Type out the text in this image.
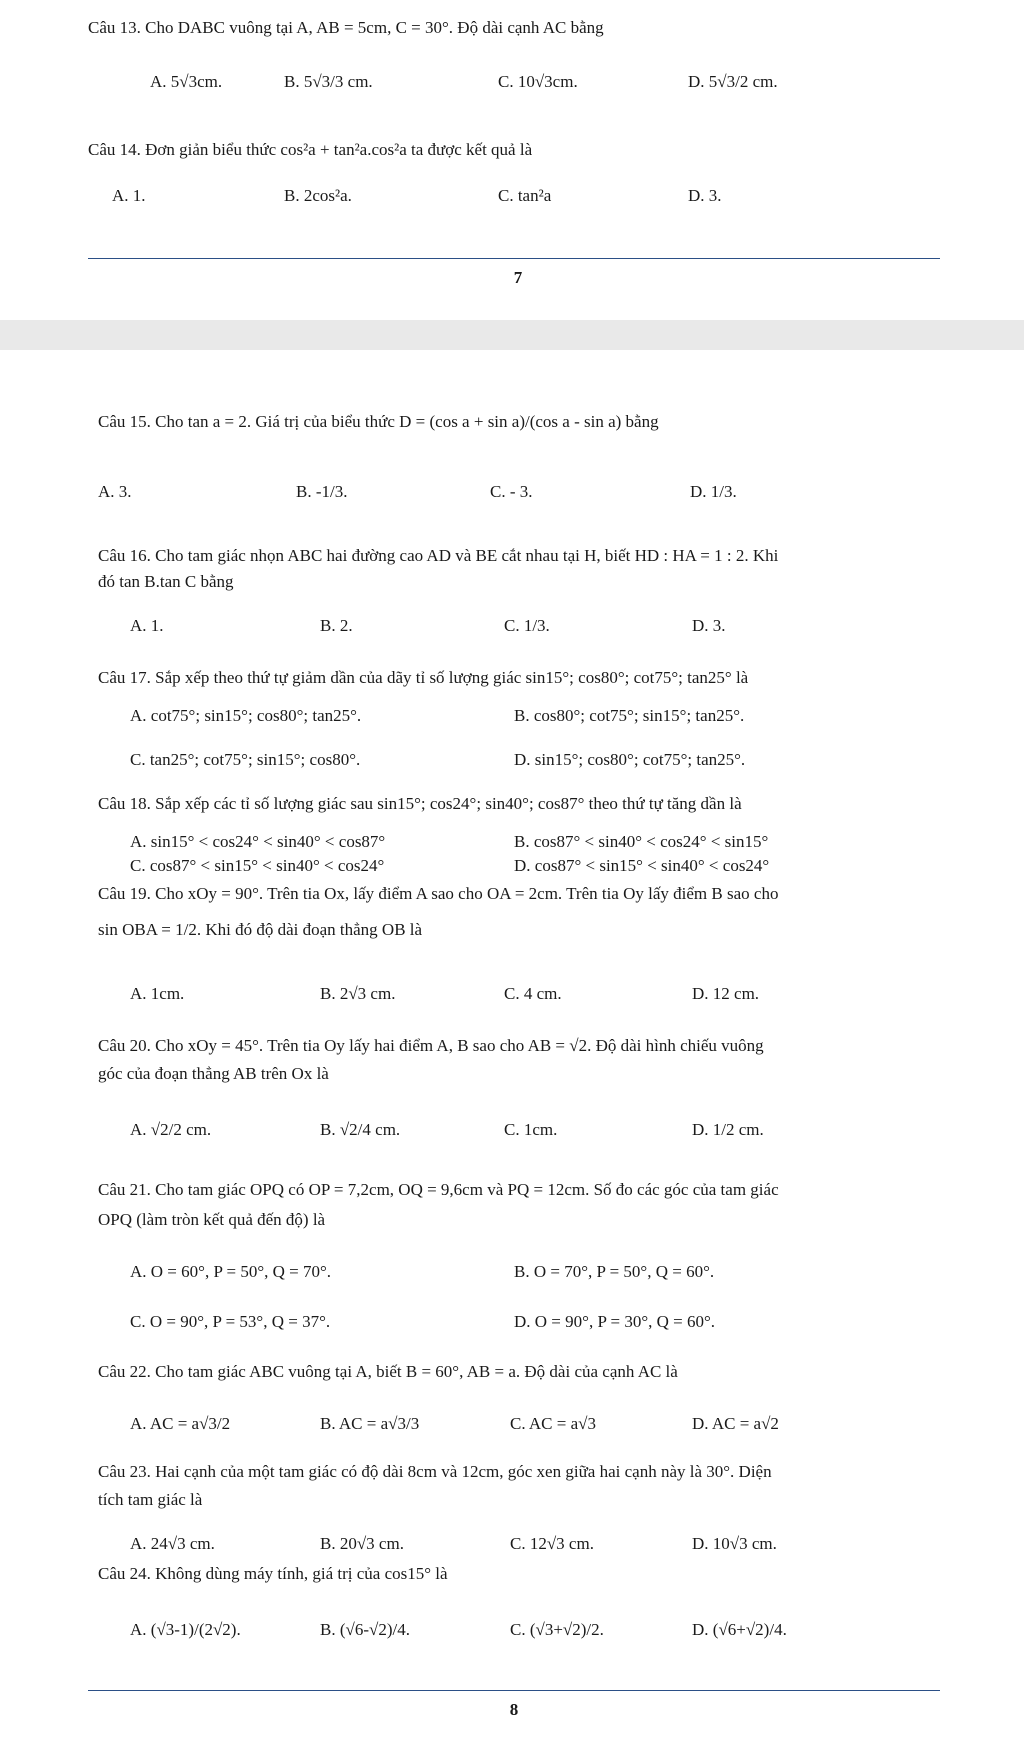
Câu 13. Cho DABC vuông tại A, AB = 5cm, C = 30°. Độ dài cạnh AC bằng
A. 5√3cm.	B. 5√3/3 cm.	C. 10√3cm.	D. 5√3/2 cm.
Câu 14. Đơn giản biểu thức cos²a + tan²a.cos²a ta được kết quả là
A. 1.	B. 2cos²a.	C. tan²a	D. 3.
7
Câu 15. Cho tan a = 2. Giá trị của biểu thức D = (cos a + sin a)/(cos a - sin a) bằng
A. 3.	B. -1/3.	C. - 3.	D. 1/3.
Câu 16. Cho tam giác nhọn ABC hai đường cao AD và BE cắt nhau tại H, biết HD : HA = 1 : 2. Khi
đó tan B.tan C bằng
A. 1.	B. 2.	C. 1/3.	D. 3.
Câu 17. Sắp xếp theo thứ tự giảm dần của dãy tỉ số lượng giác sin15°; cos80°; cot75°; tan25° là
A. cot75°; sin15°; cos80°; tan25°.	B. cos80°; cot75°; sin15°; tan25°.
C. tan25°; cot75°; sin15°; cos80°.	D. sin15°; cos80°; cot75°; tan25°.
Câu 18. Sắp xếp các tỉ số lượng giác sau sin15°; cos24°; sin40°; cos87° theo thứ tự tăng dần là
A. sin15° < cos24° < sin40° < cos87°	B. cos87° < sin40° < cos24° < sin15°
C. cos87° < sin15° < sin40° < cos24°	D. cos87° < sin15° < sin40° < cos24°
Câu 19. Cho xOy = 90°. Trên tia Ox, lấy điểm A sao cho OA = 2cm. Trên tia Oy lấy điểm B sao cho
sin OBA = 1/2. Khi đó độ dài đoạn thẳng OB là
A. 1cm.	B. 2√3 cm.	C. 4 cm.	D. 12 cm.
Câu 20. Cho xOy = 45°. Trên tia Oy lấy hai điểm A, B sao cho AB = √2. Độ dài hình chiếu vuông
góc của đoạn thẳng AB trên Ox là
A. √2/2 cm.	B. √2/4 cm.	C. 1cm.	D. 1/2 cm.
Câu 21. Cho tam giác OPQ có OP = 7,2cm, OQ = 9,6cm và PQ = 12cm. Số đo các góc của tam giác
OPQ (làm tròn kết quả đến độ) là
A. O = 60°, P = 50°, Q = 70°.	B. O = 70°, P = 50°, Q = 60°.
C. O = 90°, P = 53°, Q = 37°.	D. O = 90°, P = 30°, Q = 60°.
Câu 22. Cho tam giác ABC vuông tại A, biết B = 60°, AB = a. Độ dài của cạnh AC là
A. AC = a√3/2	B. AC = a√3/3	C. AC = a√3	D. AC = a√2
Câu 23. Hai cạnh của một tam giác có độ dài 8cm và 12cm, góc xen giữa hai cạnh này là 30°. Diện
tích tam giác là
A. 24√3 cm.	B. 20√3 cm.	C. 12√3 cm.	D. 10√3 cm.
Câu 24. Không dùng máy tính, giá trị của cos15° là
A. (√3-1)/(2√2).	B. (√6-√2)/4.	C. (√3+√2)/2.	D. (√6+√2)/4.
8
